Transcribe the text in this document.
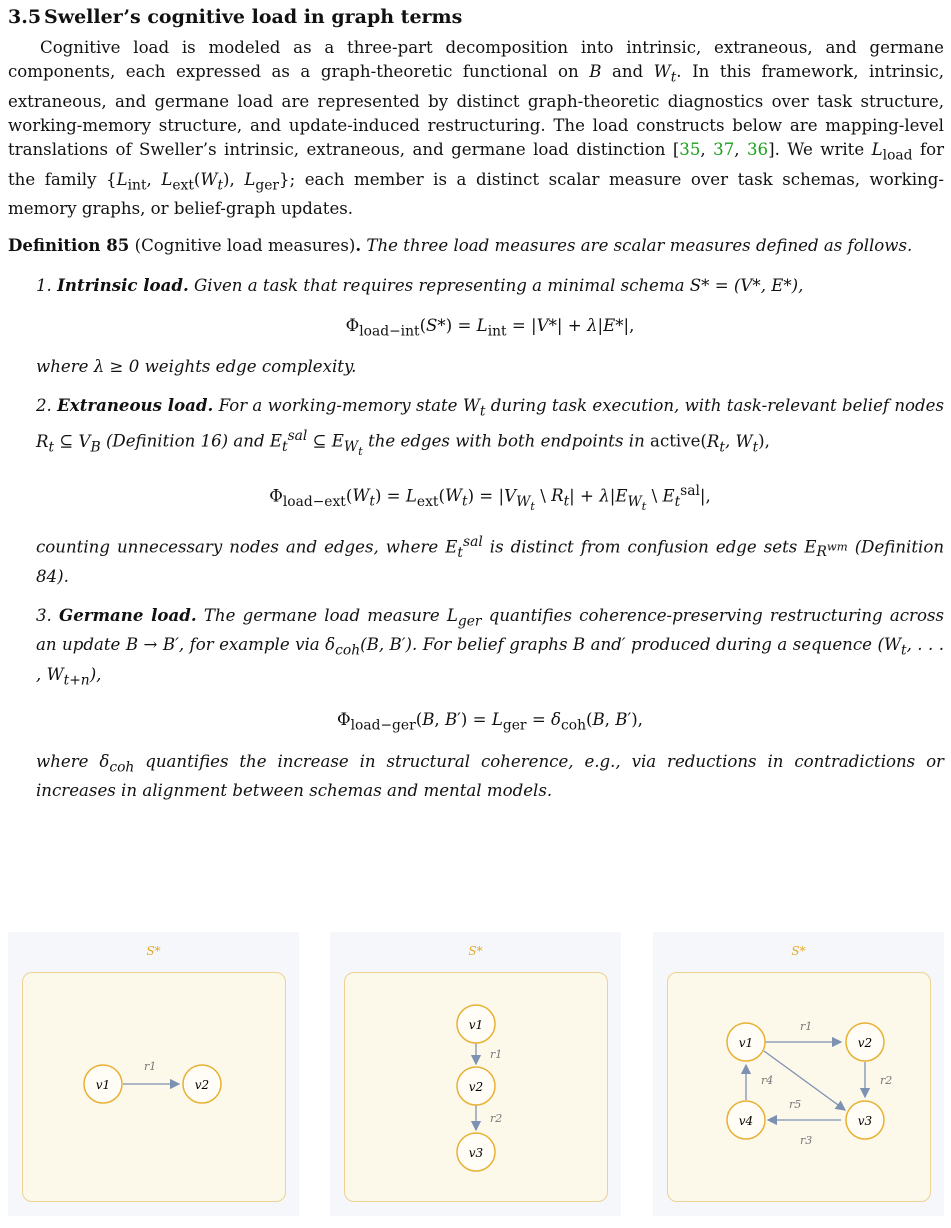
3.5 Sweller’s cognitive load in graph terms

Cognitive load is modeled as a three-part decomposition into intrinsic, extraneous, and germane components, each expressed as a graph-theoretic functional on B and $W_t$. In this framework, intrinsic, extraneous, and germane load are represented by distinct graph-theoretic diagnostics over task structure, working-memory structure, and update-induced restructuring. The load constructs below are mapping-level translations of Sweller’s intrinsic, extraneous, and germane load distinction [35, 37, 36]. We write $L_{load}$ for the family {$L_{int}$, $L_{ext}(W_t)$, $L_{ger}$}; each member is a distinct scalar measure over task schemas, working-memory graphs, or belief-graph updates.

Definition 85 (Cognitive load measures). The three load measures are scalar measures defined as follows.

1. Intrinsic load. Given a task that requires representing a minimal schema S* = (V*, E*),
$\Phi_{load-int}(S*) = L_{int} = |V*| + \lambda|E*|$,

where λ ≥ 0 weights edge complexity.

2. Extraneous load. For a working-memory state $W_t$ during task execution, with task-relevant belief nodes $R_t$ ⊆ $V_B$ (Definition 16) and $E_t^{sal}$ ⊆ $E_{W_t}$ the edges with both endpoints in $active(R_t$, $W_t$),
$\Phi_{load-ext}(W_t) = L_{ext}(W_t) = |V_{W_t}$ \ $R_t| + \lambda|E_{W_t}$ \ $E_t^{sal}|$,

counting unnecessary nodes and edges, where $E_t^{sal}$ is distinct from confusion edge sets $E_{R^{wm}}$ (Definition 84).

3. Germane load. The germane load measure $L_{ger}$ quantifies coherence-preserving restructuring across an update B → B′, for example via $\delta_{coh}(B$, B′). For belief graphs B and′ produced during a sequence ($W_t$, . . . , $W_{t+n}$),
$\Phi_{load-ger}(B$, $B') = L_{ger} = \delta_{coh}(B$, B′),

where $\delta_{coh}$ quantifies the increase in structural coherence, e.g., via reductions in contradictions or increases in alignment between schemas and mental models.

S*
r1
v1	v2
S*
r1
r2
v1
v2
v3
S*
r1
r2
r3
r4
r5
v1	v2
v3
v4
